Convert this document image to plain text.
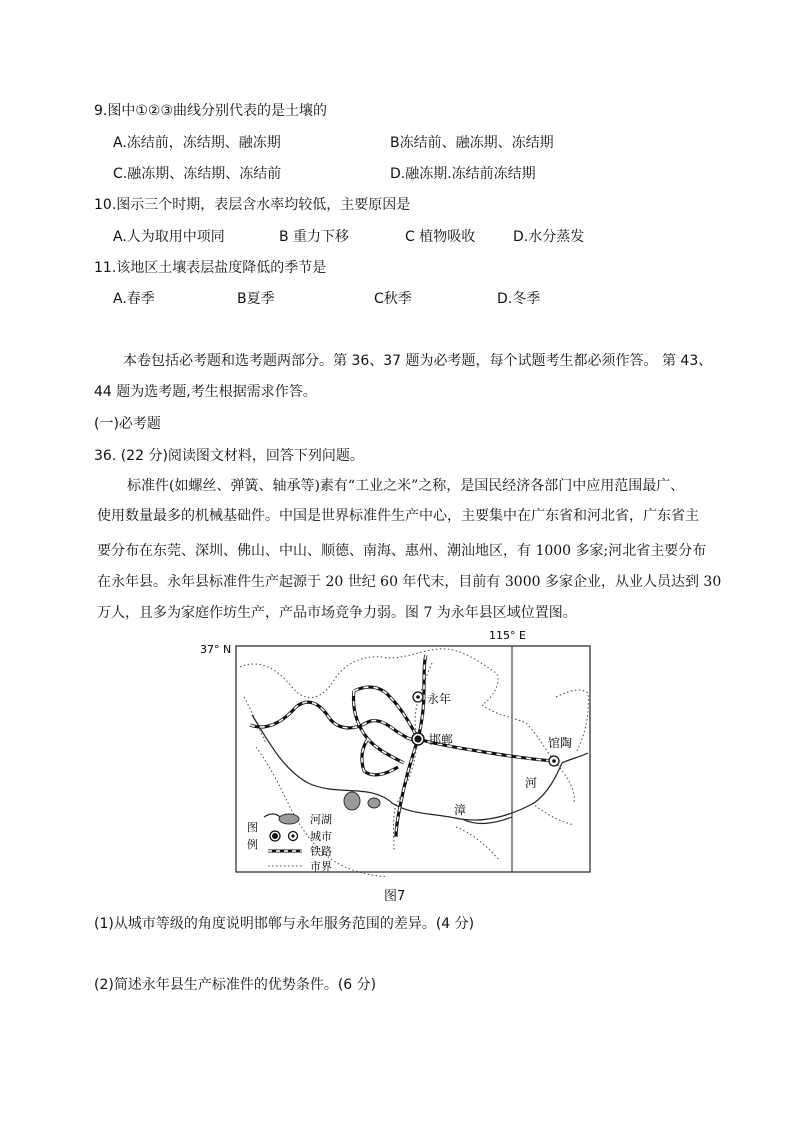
9.图中①②③曲线分别代表的是土壤的
A.冻结前，冻结期、融冻期	B冻结前、融冻期、冻结期
C.融冻期、冻结期、冻结前	D.融冻期.冻结前冻结期
10.图示三个时期，表层含水率均较低，主要原因是
A.人为取用中项同	B 重力下移	C 植物吸收	D.水分蒸发
11.该地区土壤表层盐度降低的季节是
A.春季	B夏季	C秋季	D.冬季
本卷包括必考题和选考题两部分。第 36、37 题为必考题，每个试题考生都必须作答。 第 43、
44 题为选考题,考生根据需求作答。
(一)必考题
36. (22 分)阅读图文材料，回答下列问题。
标准件(如螺丝、弹簧、轴承等)素有“工业之米”之称，是国民经济各部门中应用范围最广、
使用数量最多的机械基础件。中国是世界标准件生产中心，主要集中在广东省和河北省，广东省主
要分布在东莞、深圳、佛山、中山、顺德、南海、惠州、潮汕地区，有 1000 多家;河北省主要分布
在永年县。永年县标准件生产起源于 20 世纪 60 年代末，目前有 3000 多家企业，从业人员达到 30
万人，且多为家庭作坊生产，产品市场竞争力弱。图 7 为永年县区域位置图。
115° E
37° N
永年
邯郸	馆陶
漳
河
图
例
河湖
城市
铁路
市界
图7
(1)从城市等级的角度说明邯郸与永年服务范围的差异。(4 分)
(2)简述永年县生产标准件的优势条件。(6 分)
